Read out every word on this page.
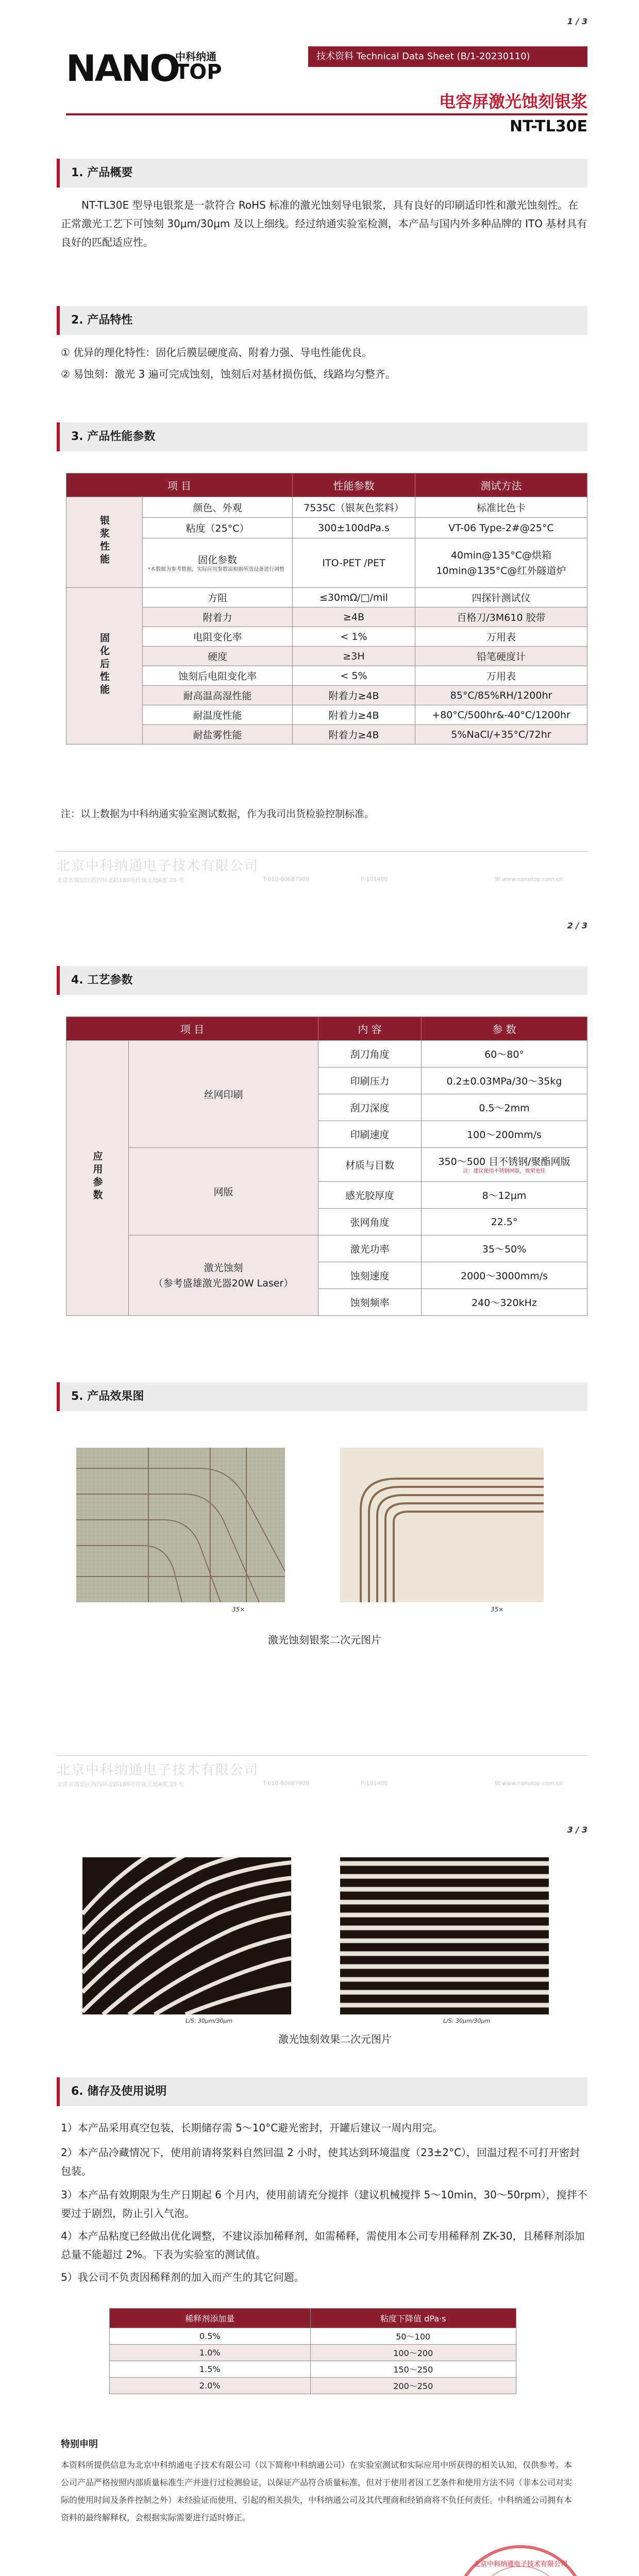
1 / 3
NANO
中科纳通
TOP
技术资料 Technical Data Sheet (B/1-20230110)
电容屏激光蚀刻银浆
NT-TL30E
1. 产品概要
NT-TL30E 型导电银浆是一款符合 RoHS 标准的激光蚀刻导电银浆，具有良好的印刷适印性和激光蚀刻性。在正常激光工艺下可蚀刻 30μm/30μm 及以上细线。经过纳通实验室检测，本产品与国内外多种品牌的 ITO 基材具有良好的匹配适应性。
2. 产品特性
① 优异的理化特性：固化后膜层硬度高、附着力强、导电性能优良。
② 易蚀刻：激光 3 遍可完成蚀刻，蚀刻后对基材损伤低，线路均匀整齐。
3. 产品性能参数
项 目		性能参数	测试方法
银浆性能	颜色、外观	7535C（银灰色浆料）	标准比色卡
	粘度（25°C）	300±100dPa.s	VT-06 Type-2#@25°C

	固化参数
*本数据为参考数据，实际应用参数需根据所选设备进行调整	ITO-PET /PET	40min@135°C@烘箱
10min@135°C@红外隧道炉
固化后性能	方阻	≤30mΩ/□/mil	四探针测试仪
	附着力	≥4B	百格刀/3M610 胶带
	电阻变化率	< 1%	万用表
	硬度	≥3H	铅笔硬度计
	蚀刻后电阻变化率	< 5%	万用表
	耐高温高湿性能	附着力≥4B	85°C/85%RH/1200hr
	耐温度性能	附着力≥4B	+80°C/500hr&-40°C/1200hr
	耐盐雾性能	附着力≥4B	5%NaCl/+35°C/72hr
注：以上数据为中科纳通实验室测试数据，作为我司出货检验控制标准。
北京中科纳通电子技术有限公司
北京市海淀区西四环北路160号玲珑天地A座 25 号	T:010-60687909	P:101400	W:www.nanotop.com.cn
2 / 3
4. 工艺参数
项 目		内 容	参 数
应用参数	丝网印刷	刮刀角度	60～80°
		印刷压力	0.2±0.03MPa/30～35kg
		刮刀深度	0.5～2mm
		印刷速度	100～200mm/s
	网版	材质与目数	350～500 目不锈钢/聚酯网版
注：建议使用不锈钢网版，效果更佳

		感光胶厚度	8～12μm
		张网角度	22.5°
	激光蚀刻
（参考盛雄激光器20W Laser）	激光功率	35～50%
		蚀刻速度	2000～3000mm/s
		蚀刻频率	240～320kHz
5. 产品效果图
35×	35×
激光蚀刻银浆二次元图片
北京中科纳通电子技术有限公司
北京市海淀区西四环北路160号玲珑天地A座 25 号	T:010-60687909	P:101400	W:www.nanotop.com.cn
3 / 3
L/S: 30μm/30μm	L/S: 30μm/30μm
激光蚀刻效果二次元图片
6. 储存及使用说明
1）本产品采用真空包装，长期储存需 5～10°C避光密封，开罐后建议一周内用完。
2）本产品冷藏情况下，使用前请将浆料自然回温 2 小时，使其达到环境温度（23±2°C），回温过程不可打开密封包装。
3）本产品有效期限为生产日期起 6 个月内，使用前请充分搅拌（建议机械搅拌 5～10min，30～50rpm），搅拌不要过于剧烈，防止引入气泡。
4）本产品粘度已经做出优化调整，不建议添加稀释剂，如需稀释，需使用本公司专用稀释剂 ZK-30，且稀释剂添加总量不能超过 2%。下表为实验室的测试值。
5）我公司不负责因稀释剂的加入而产生的其它问题。
稀释剂添加量	粘度下降值 dPa·s
0.5%	50～100
1.0%	100～200
1.5%	150～250
2.0%	200～250
特别申明
本资料所提供信息为北京中科纳通电子技术有限公司（以下简称中科纳通公司）在实验室测试和实际应用中所获得的相关认知，仅供参考。本公司产品严格按照内部质量标准生产并进行过检测验证，以保证产品符合质量标准，但对于使用者因工艺条件和使用方法不同（非本公司对实际的使用时间及条件控制之外）未经验证而使用、引起的相关损失，中科纳通公司及其代理商和经销商将不负任何责任。中科纳通公司拥有本资料的最终解释权，会根据实际需要进行适时修正。
北京中科纳通电子技术有限公司
